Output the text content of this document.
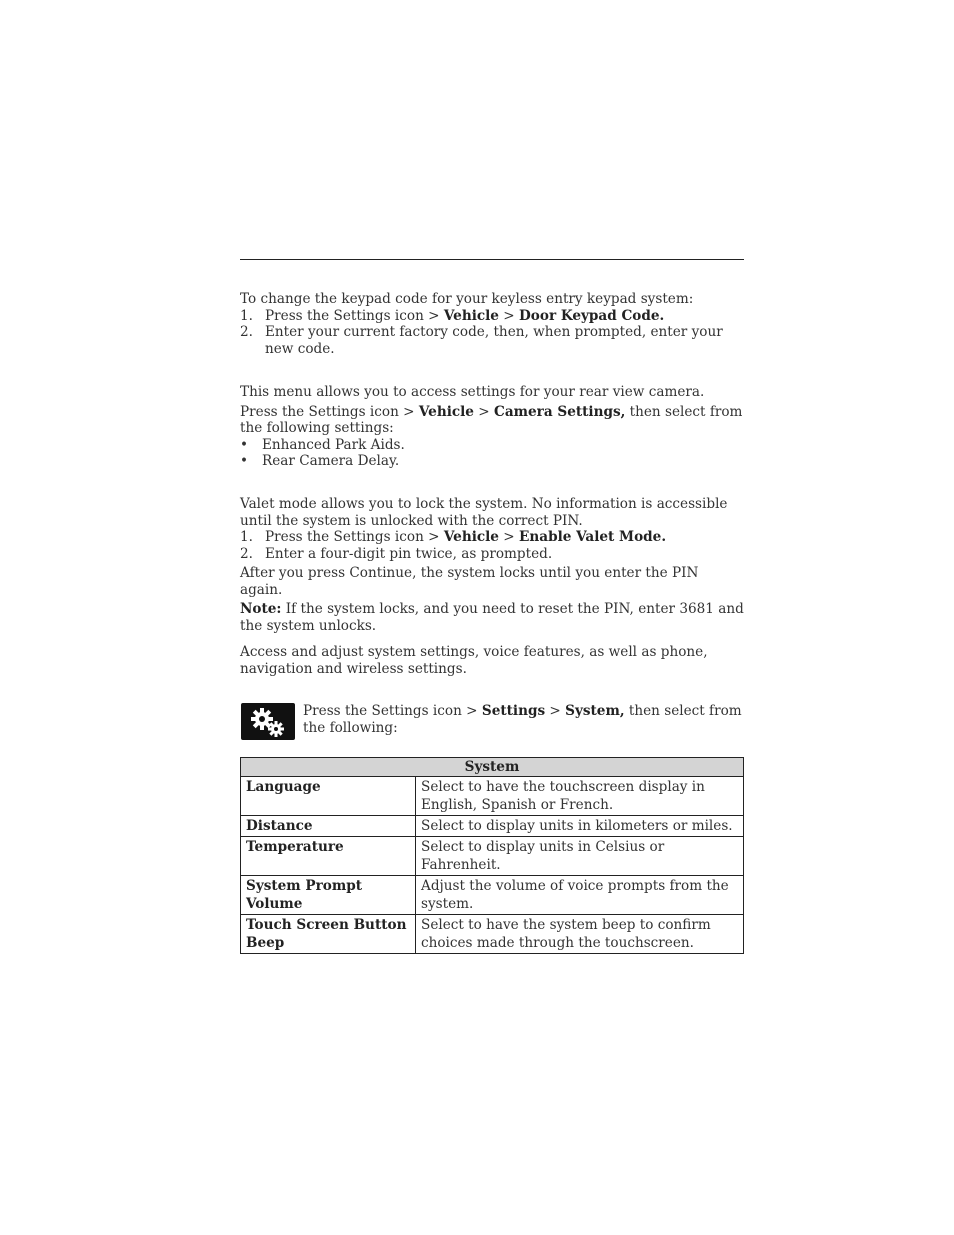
To change the keypad code for your keyless entry keypad system:

1. Press the Settings icon > Vehicle > Door Keypad Code.
2. Enter your current factory code, then, when prompted, enter your new code.

This menu allows you to access settings for your rear view camera.

Press the Settings icon > Vehicle > Camera Settings, then select from the following settings:

•	Enhanced Park Aids.
•	Rear Camera Delay.

Valet mode allows you to lock the system. No information is accessible until the system is unlocked with the correct PIN.

1. Press the Settings icon > Vehicle > Enable Valet Mode.
2. Enter a four-digit pin twice, as prompted.

After you press Continue, the system locks until you enter the PIN again.

Note: If the system locks, and you need to reset the PIN, enter 3681 and the system unlocks.

Access and adjust system settings, voice features, as well as phone, navigation and wireless settings.

Press the Settings icon > Settings > System, then select from the following:
System	
Language	Select to have the touchscreen display in English, Spanish or French.
Distance	Select to display units in kilometers or miles.
Temperature	Select to display units in Celsius or Fahrenheit.
System Prompt Volume	Adjust the volume of voice prompts from the system.
Touch Screen Button Beep	Select to have the system beep to confirm choices made through the touchscreen.
